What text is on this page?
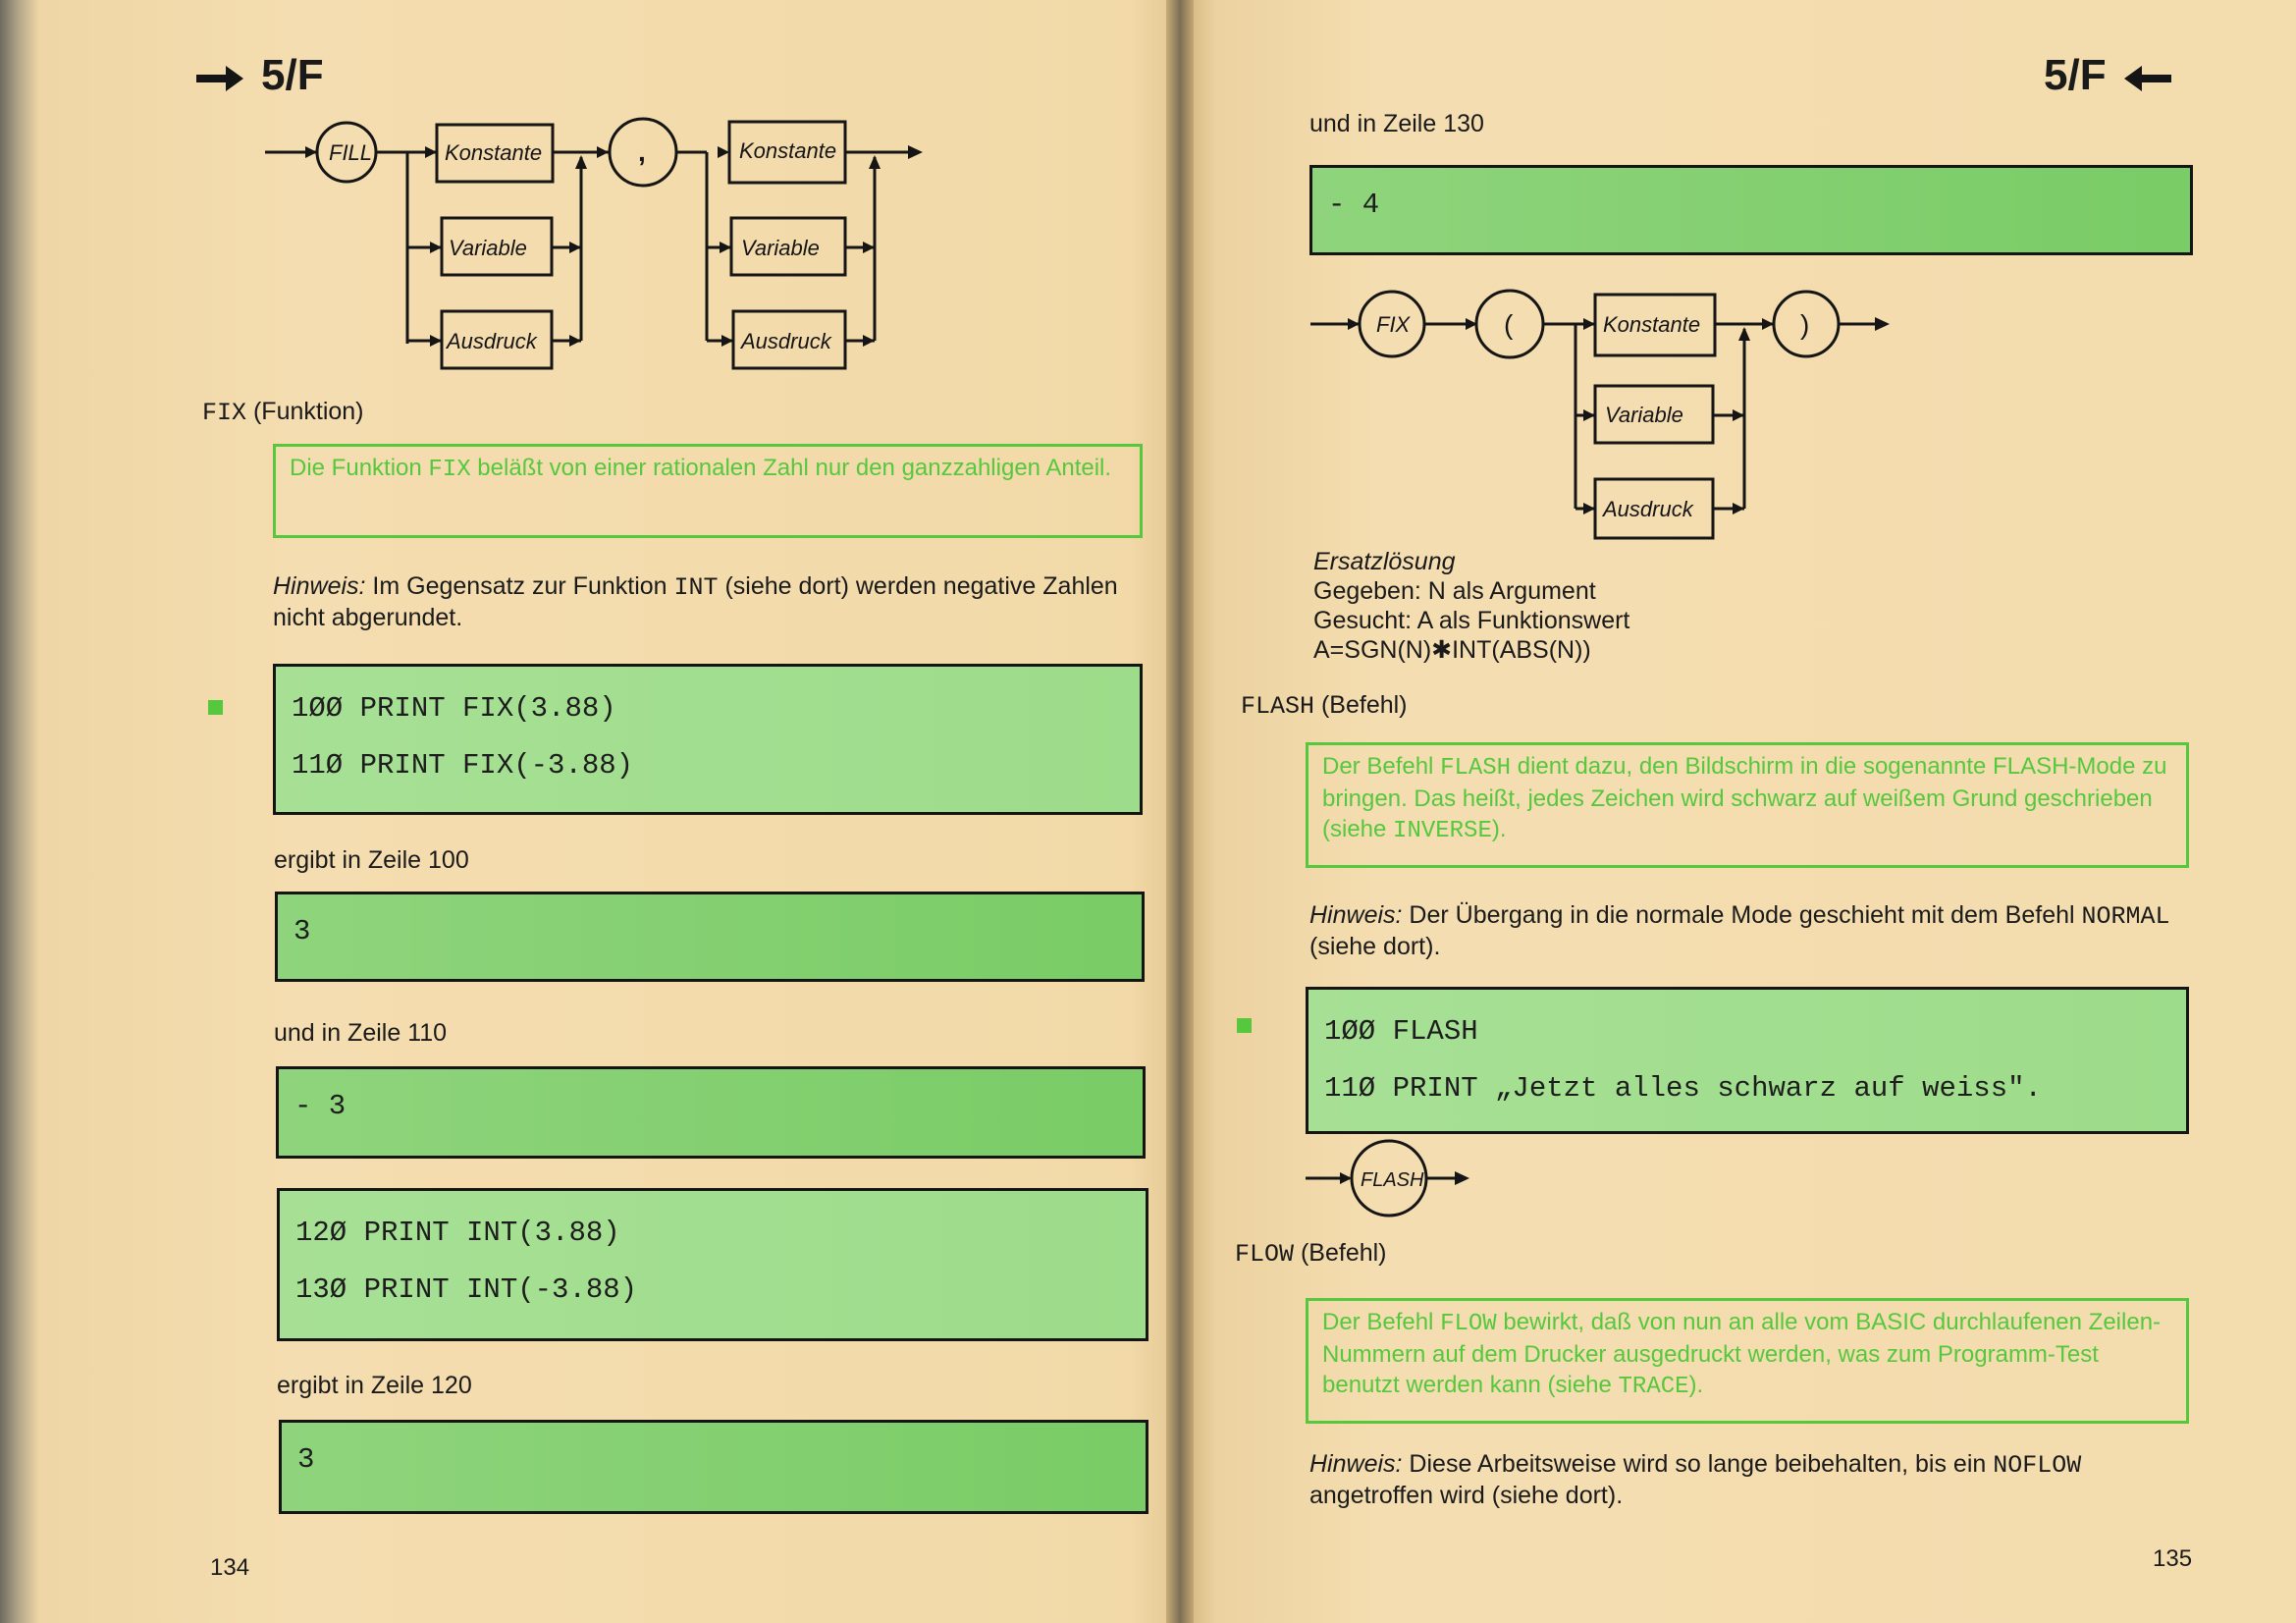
5/F
FILL	Konstante
Variable
Ausdruck
,	Konstante
Variable
Ausdruck
FIX (Funktion)
Die Funktion FIX beläßt von einer rationalen Zahl nur den ganzzahligen Anteil.
Hinweis: Im Gegensatz zur Funktion INT (siehe dort) werden negative Zahlen nicht abgerundet.
1ØØ PRINT FIX(3.88)
11Ø PRINT FIX(-3.88)
ergibt in Zeile 100
3
und in Zeile 110
- 3
12Ø PRINT INT(3.88)
13Ø PRINT INT(-3.88)
ergibt in Zeile 120
3
134
5/F
und in Zeile 130
- 4
FIX	(	Konstante
Variable
Ausdruck
)
Ersatzlösung
Gegeben: N als Argument
Gesucht: A als Funktionswert
A=SGN(N)✱INT(ABS(N))
FLASH (Befehl)
Der Befehl FLASH dient dazu, den Bildschirm in die sogenannte FLASH-Mode zu bringen. Das heißt, jedes Zeichen wird schwarz auf weißem Grund geschrieben (siehe INVERSE).
Hinweis: Der Übergang in die normale Mode geschieht mit dem Befehl NORMAL (siehe dort).
1ØØ FLASH
11Ø PRINT „Jetzt alles schwarz auf weiss".
FLASH
FLOW (Befehl)
Der Befehl FLOW bewirkt, daß von nun an alle vom BASIC durchlaufenen Zeilen-Nummern auf dem Drucker ausgedruckt werden, was zum Programm-Test benutzt werden kann (siehe TRACE).
Hinweis: Diese Arbeitsweise wird so lange beibehalten, bis ein NOFLOW angetroffen wird (siehe dort).
135
